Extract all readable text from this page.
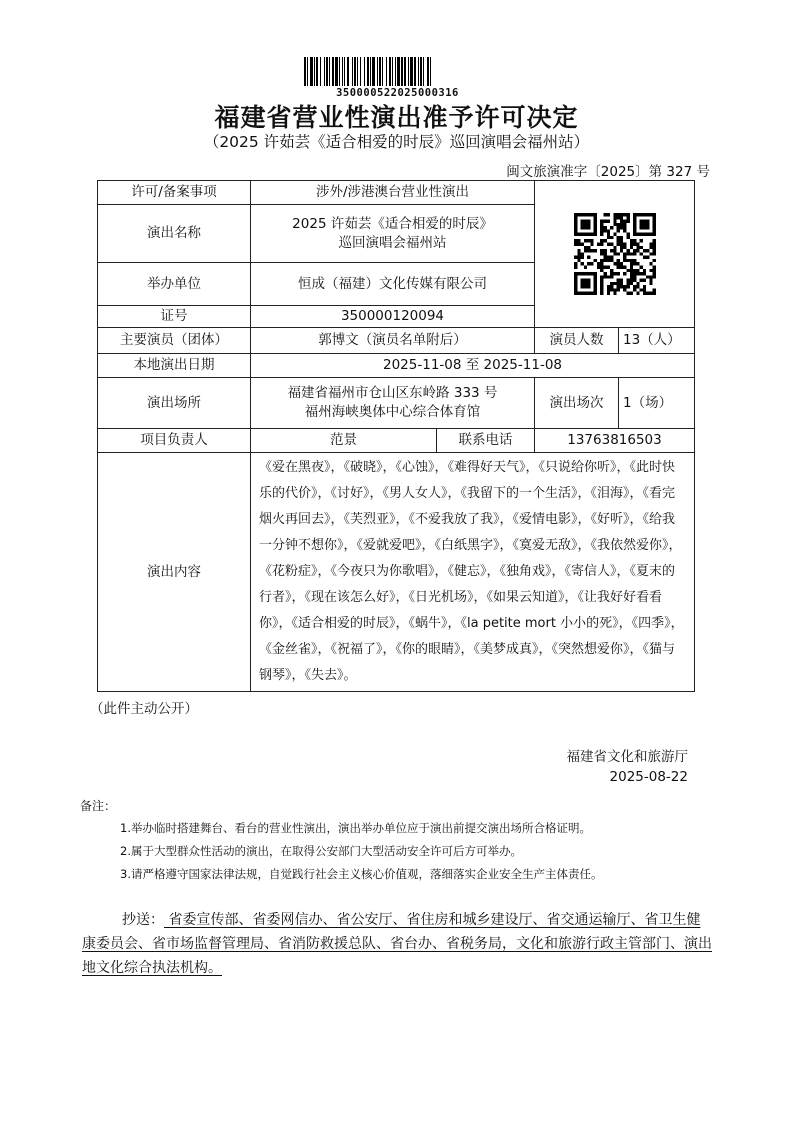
350000522025000316
福建省营业性演出准予许可决定
（2025 许茹芸《适合相爱的时辰》巡回演唱会福州站）
闽文旅演准字〔2025〕第 327 号
许可/备案事项	涉外/涉港澳台营业性演出	

演出名称	2025 许茹芸《适合相爱的时辰》
巡回演唱会福州站			

举办单位	恒成（福建）文化传媒有限公司			
证号	350000120094			
主要演员（团体）	郭博文（演员名单附后）		演员人数	13（人）
本地演出日期	2025-11-08 至 2025-11-08			
演出场所	福建省福州市仓山区东岭路 333 号
福州海峡奥体中心综合体育馆		演出场次	1（场）
项目负责人	范景	联系电话	13763816503	
演出内容	《爱在黑夜》，《破晓》，《心蚀》，《难得好天气》，《只说给你听》，《此时快乐的代价》，《讨好》，《男人女人》，《我留下的一个生活》，《泪海》，《看完烟火再回去》，《芙烈亚》，《不爱我放了我》，《爱情电影》，《好听》，《给我一分钟不想你》，《爱就爱吧》，《白纸黑字》，《寞爱无敌》，《我依然爱你》，《花粉症》，《今夜只为你歌唱》，《健忘》，《独角戏》，《寄信人》，《夏末的行者》，《现在该怎么好》，《日光机场》，《如果云知道》，《让我好好看看你》，《适合相爱的时辰》，《蜗牛》，《la petite mort 小小的死》，《四季》，《金丝雀》，《祝福了》，《你的眼睛》，《美梦成真》，《突然想爱你》，《猫与钢琴》，《失去》。			
（此件主动公开）
福建省文化和旅游厅
2025-08-22
备注：
1.举办临时搭建舞台、看台的营业性演出，演出举办单位应于演出前提交演出场所合格证明。
2.属于大型群众性活动的演出，在取得公安部门大型活动安全许可后方可举办。
3.请严格遵守国家法律法规，自觉践行社会主义核心价值观，落细落实企业安全生产主体责任。
抄送： 省委宣传部、省委网信办、省公安厅、省住房和城乡建设厅、省交通运输厅、省卫生健康委员会、省市场监督管理局、省消防救援总队、省台办、省税务局，文化和旅游行政主管部门、演出地文化综合执法机构。
